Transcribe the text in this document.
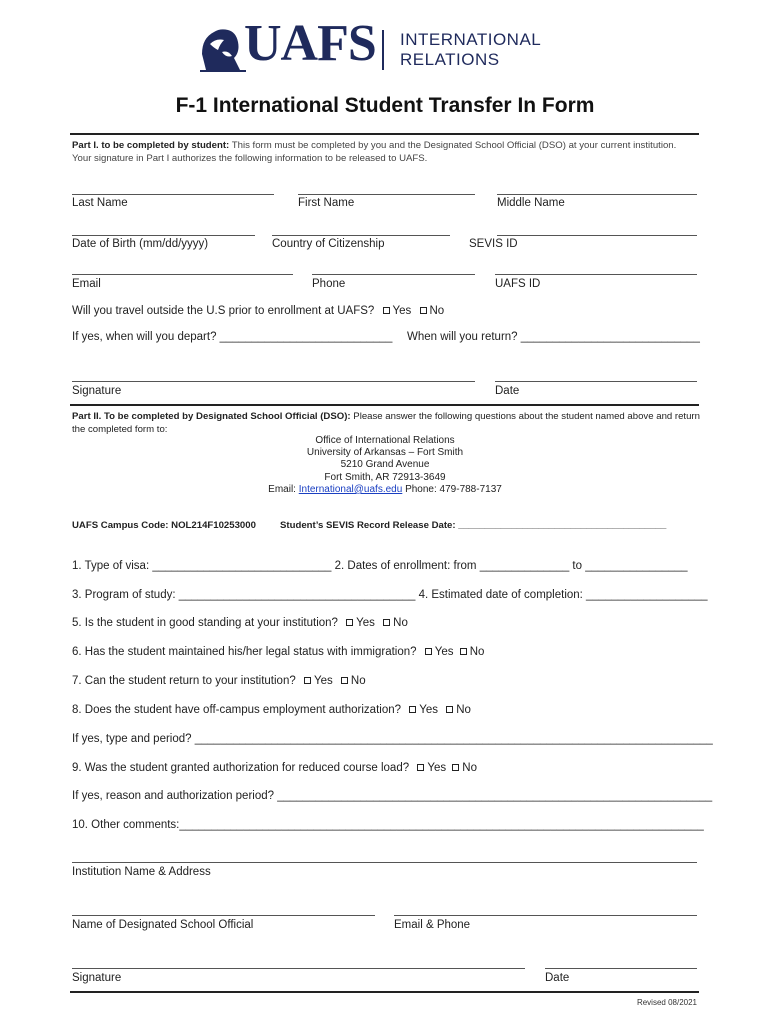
UAFS INTERNATIONAL
RELATIONS
F-1 International Student Transfer In Form
Part I. to be completed by student: This form must be completed by you and the Designated School Official (DSO) at your current institution. Your signature in Part I authorizes the following information to be released to UAFS.
Last Name	First Name	Middle Name
Date of Birth (mm/dd/yyyy)	Country of Citizenship	SEVIS ID
Email	Phone	UAFS ID
Will you travel outside the U.S prior to enrollment at UAFS? Yes No
If yes, when will you depart? ___________________________ When will you return? ____________________________
Signature	Date
Part II. To be completed by Designated School Official (DSO): Please answer the following questions about the student named above and return the completed form to:
Office of International Relations
University of Arkansas – Fort Smith
5210 Grand Avenue
Fort Smith, AR 72913-3649
Email: International@uafs.edu Phone: 479-788-7137
UAFS Campus Code: NOL214F10253000	Student’s SEVIS Record Release Date: _______________________________________
1. Type of visa: ____________________________ 2. Dates of enrollment: from ______________ to ________________
3. Program of study: _____________________________________ 4. Estimated date of completion: ___________________
5. Is the student in good standing at your institution? Yes No
6. Has the student maintained his/her legal status with immigration? Yes No
7. Can the student return to your institution? Yes No
8. Does the student have off-campus employment authorization? Yes No
If yes, type and period? _________________________________________________________________________________
9. Was the student granted authorization for reduced course load? Yes No
If yes, reason and authorization period? ____________________________________________________________________
10. Other comments:__________________________________________________________________________________
Institution Name & Address
Name of Designated School Official	Email & Phone
Signature	Date
Revised 08/2021
